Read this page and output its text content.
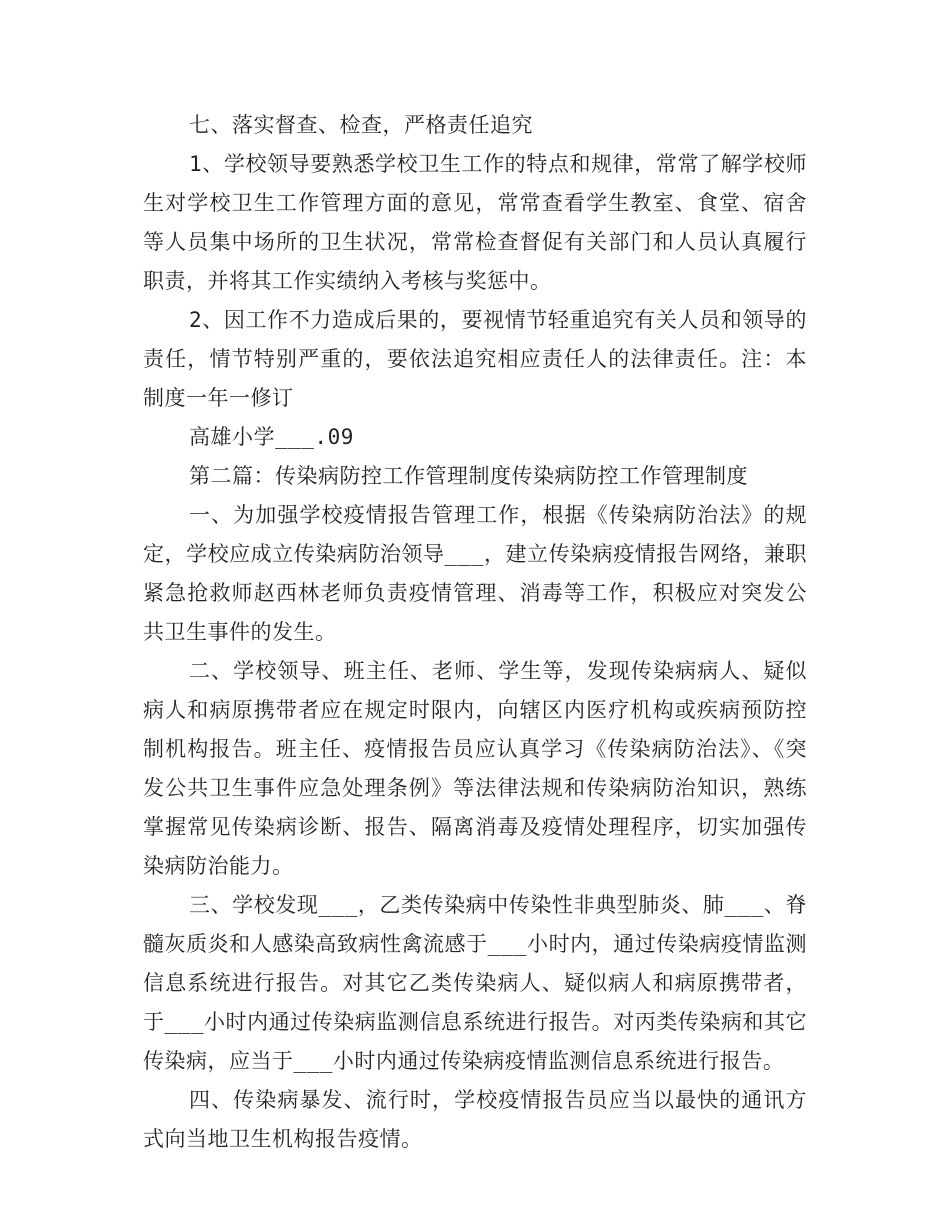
七、落实督查、检查，严格责任追究

1、学校领导要熟悉学校卫生工作的特点和规律，常常了解学校师生对学校卫生工作管理方面的意见，常常查看学生教室、食堂、宿舍等人员集中场所的卫生状况，常常检查督促有关部门和人员认真履行职责，并将其工作实绩纳入考核与奖惩中。

2、因工作不力造成后果的，要视情节轻重追究有关人员和领导的责任，情节特别严重的，要依法追究相应责任人的法律责任。注：本制度一年一修订

高雄小学___.09

第二篇：传染病防控工作管理制度传染病防控工作管理制度

一、为加强学校疫情报告管理工作，根据《传染病防治法》的规定，学校应成立传染病防治领导___，建立传染病疫情报告网络，兼职紧急抢救师赵西林老师负责疫情管理、消毒等工作，积极应对突发公共卫生事件的发生。

二、学校领导、班主任、老师、学生等，发现传染病病人、疑似病人和病原携带者应在规定时限内，向辖区内医疗机构或疾病预防控制机构报告。班主任、疫情报告员应认真学习《传染病防治法》、《突发公共卫生事件应急处理条例》等法律法规和传染病防治知识，熟练掌握常见传染病诊断、报告、隔离消毒及疫情处理程序，切实加强传染病防治能力。

三、学校发现___，乙类传染病中传染性非典型肺炎、肺___、脊髓灰质炎和人感染高致病性禽流感于___小时内，通过传染病疫情监测信息系统进行报告。对其它乙类传染病人、疑似病人和病原携带者，于___小时内通过传染病监测信息系统进行报告。对丙类传染病和其它传染病，应当于___小时内通过传染病疫情监测信息系统进行报告。

四、传染病暴发、流行时，学校疫情报告员应当以最快的通讯方式向当地卫生机构报告疫情。
